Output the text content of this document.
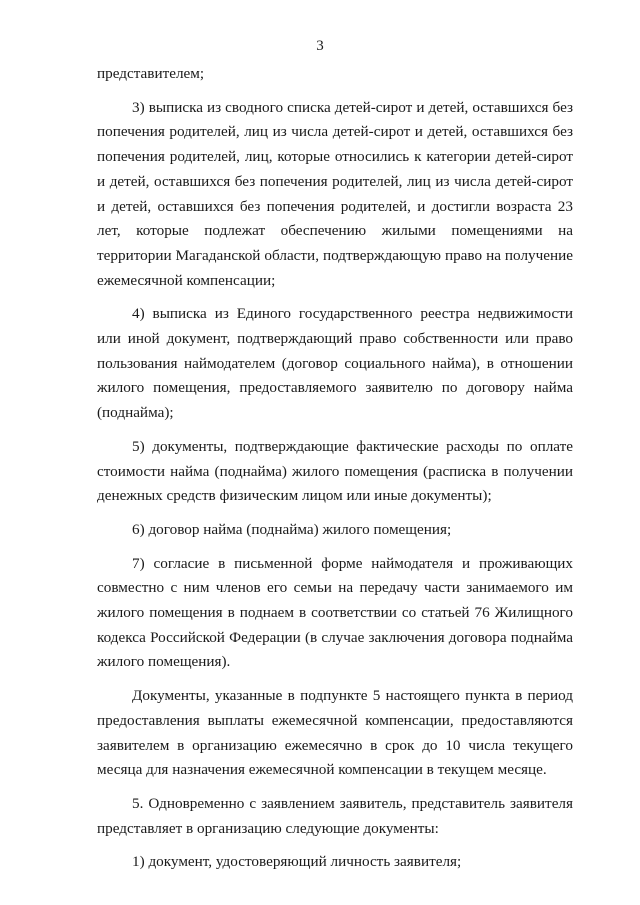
3

представителем;

3) выписка из сводного списка детей-сирот и детей, оставшихся без попечения родителей, лиц из числа детей-сирот и детей, оставшихся без попечения родителей, лиц, которые относились к категории детей-сирот и детей, оставшихся без попечения родителей, лиц из числа детей-сирот и детей, оставшихся без попечения родителей, и достигли возраста 23 лет, которые подлежат обеспечению жилыми помещениями на территории Магаданской области, подтверждающую право на получение ежемесячной компенсации;

4) выписка из Единого государственного реестра недвижимости или иной документ, подтверждающий право собственности или право пользования наймодателем (договор социального найма), в отношении жилого помещения, предоставляемого заявителю по договору найма (поднайма);

5) документы, подтверждающие фактические расходы по оплате стоимости найма (поднайма) жилого помещения (расписка в получении денежных средств физическим лицом или иные документы);

6) договор найма (поднайма) жилого помещения;

7) согласие в письменной форме наймодателя и проживающих совместно с ним членов его семьи на передачу части занимаемого им жилого помещения в поднаем в соответствии со статьей 76 Жилищного кодекса Российской Федерации (в случае заключения договора поднайма жилого помещения).

Документы, указанные в подпункте 5 настоящего пункта в период предоставления выплаты ежемесячной компенсации, предоставляются заявителем в организацию ежемесячно в срок до 10 числа текущего месяца для назначения ежемесячной компенсации в текущем месяце.

5. Одновременно с заявлением заявитель, представитель заявителя представляет в организацию следующие документы:

1) документ, удостоверяющий личность заявителя;
